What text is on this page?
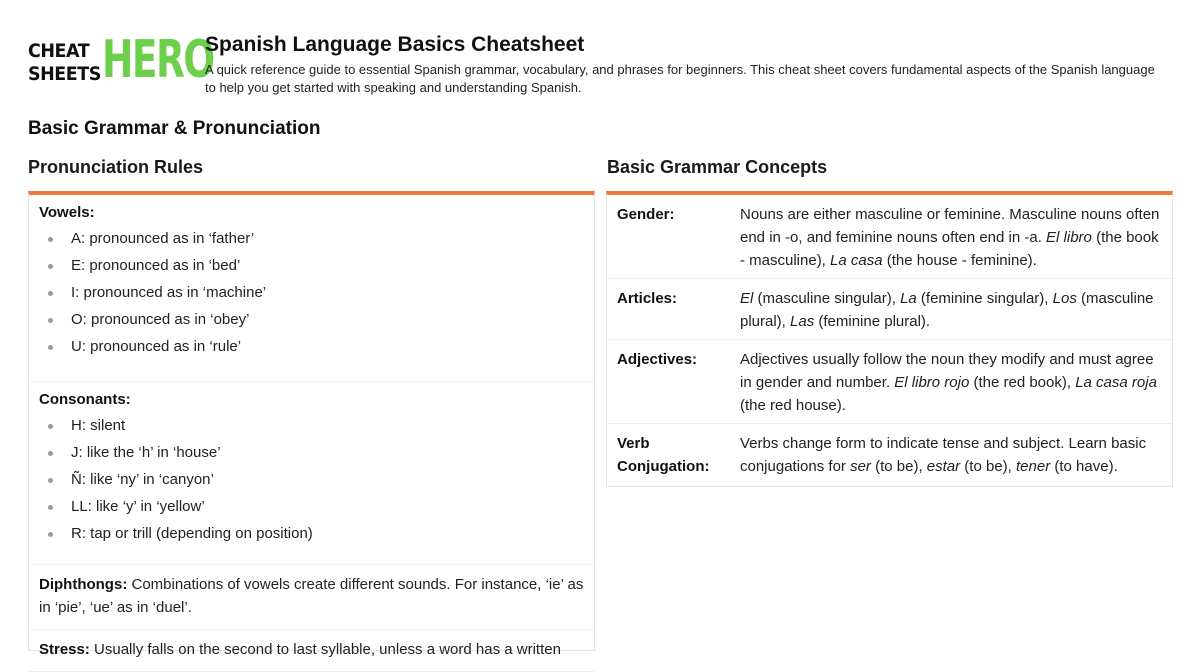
CHEAT
SHEETS HERO
Spanish Language Basics Cheatsheet

A quick reference guide to essential Spanish grammar, vocabulary, and phrases for beginners. This cheat sheet covers fundamental aspects of the Spanish language to help you get started with speaking and understanding Spanish.

Basic Grammar & Pronunciation
Pronunciation Rules	Basic Grammar Concepts
Vowels:
A: pronounced as in ‘father’
E: pronounced as in ‘bed’
I: pronounced as in ‘machine’
O: pronounced as in ‘obey’
U: pronounced as in ‘rule’
Consonants:
H: silent
J: like the ‘h’ in ‘house’
Ñ: like ‘ny’ in ‘canyon’
LL: like ‘y’ in ‘yellow’
R: tap or trill (depending on position)

Diphthongs: Combinations of vowels create different sounds. For instance, ‘ie’ as in ‘pie’, ‘ue’ as in ‘duel’.

Stress: Usually falls on the second to last syllable, unless a word has a written

Gender:	Nouns are either masculine or feminine. Masculine nouns often end in -o, and feminine nouns often end in -a. El libro (the book - masculine), La casa (the house - feminine).
Articles:	El (masculine singular), La (feminine singular), Los (masculine plural), Las (feminine plural).
Adjectives:	Adjectives usually follow the noun they modify and must agree in gender and number. El libro rojo (the red book), La casa roja (the red house).
Verb Conjugation:
Verbs change form to indicate tense and subject. Learn basic conjugations for ser (to be), estar (to be), tener (to have).
